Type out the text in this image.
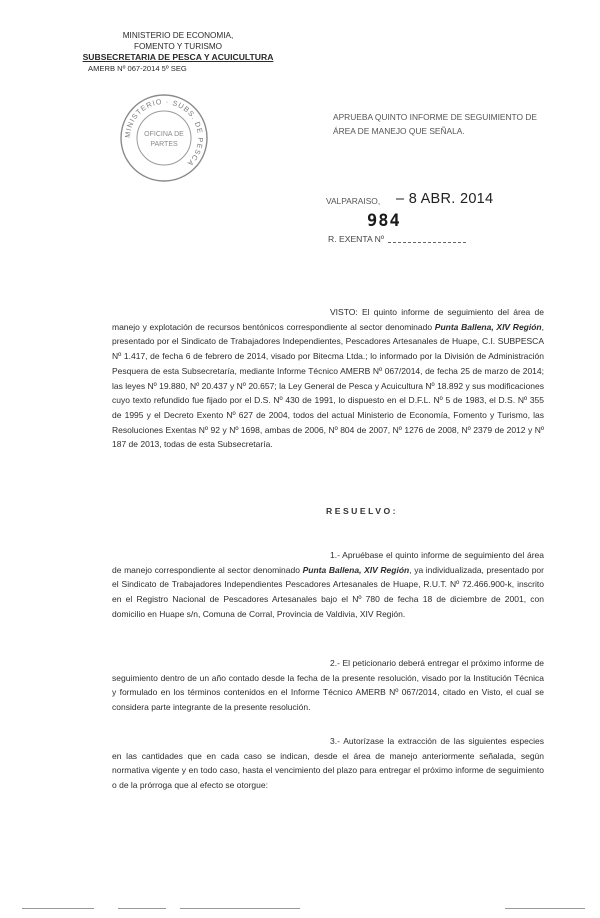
MINISTERIO DE ECONOMIA,
FOMENTO Y TURISMO
SUBSECRETARIA DE PESCA Y ACUICULTURA
AMERB Nº 067-2014 5º SEG
MINISTERIO · SUBS. DE PESCA
OFICINA DE
PARTES
APRUEBA QUINTO INFORME DE SEGUIMIENTO DE ÁREA DE MANEJO QUE SEÑALA.
VALPARAISO, – 8 ABR. 2014
984
R. EXENTA Nº
VISTO: El quinto informe de seguimiento del área de manejo y explotación de recursos bentónicos correspondiente al sector denominado Punta Ballena, XIV Región, presentado por el Sindicato de Trabajadores Independientes, Pescadores Artesanales de Huape, C.I. SUBPESCA Nº 1.417, de fecha 6 de febrero de 2014, visado por Bitecma Ltda.; lo informado por la División de Administración Pesquera de esta Subsecretaría, mediante Informe Técnico AMERB Nº 067/2014, de fecha 25 de marzo de 2014; las leyes Nº 19.880, Nº 20.437 y Nº 20.657; la Ley General de Pesca y Acuicultura Nº 18.892 y sus modificaciones cuyo texto refundido fue fijado por el D.S. Nº 430 de 1991, lo dispuesto en el D.F.L. Nº 5 de 1983, el D.S. Nº 355 de 1995 y el Decreto Exento Nº 627 de 2004, todos del actual Ministerio de Economía, Fomento y Turismo, las Resoluciones Exentas Nº 92 y Nº 1698, ambas de 2006, Nº 804 de 2007, Nº 1276 de 2008, Nº 2379 de 2012 y Nº 187 de 2013, todas de esta Subsecretaría.
RESUELVO:
1.- Apruébase el quinto informe de seguimiento del área de manejo correspondiente al sector denominado Punta Ballena, XIV Región, ya individualizada, presentado por el Sindicato de Trabajadores Independientes Pescadores Artesanales de Huape, R.U.T. Nº 72.466.900-k, inscrito en el Registro Nacional de Pescadores Artesanales bajo el Nº 780 de fecha 18 de diciembre de 2001, con domicilio en Huape s/n, Comuna de Corral, Provincia de Valdivia, XIV Región.
2.- El peticionario deberá entregar el próximo informe de seguimiento dentro de un año contado desde la fecha de la presente resolución, visado por la Institución Técnica y formulado en los términos contenidos en el Informe Técnico AMERB Nº 067/2014, citado en Visto, el cual se considera parte integrante de la presente resolución.
3.- Autorízase la extracción de las siguientes especies en las cantidades que en cada caso se indican, desde el área de manejo anteriormente señalada, según normativa vigente y en todo caso, hasta el vencimiento del plazo para entregar el próximo informe de seguimiento o de la prórroga que al efecto se otorgue:
